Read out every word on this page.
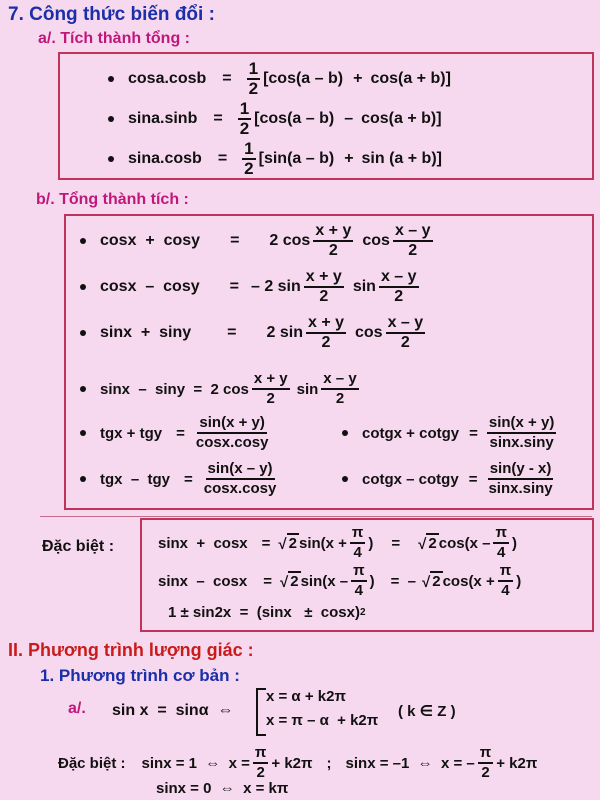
7. Công thức biến đổi :
a/. Tích thành tổng :
$\cos a.\cos b = \frac{1}{2} [\cos(a - b) + \cos(a + b)]$
$\sin a.\sin b = \frac{1}{2} [\cos(a - b) - \cos(a + b)]$
$\sin a.\cos b = \frac{1}{2} [\sin(a - b) + \sin (a + b)]$
b/. Tổng thành tích :
cosx  +  cosy = 2 $\cos \frac{x + y}{2}$ $\cos \frac{x - y}{2}$
cosx  –  cosy = – 2 $\sin \frac{x + y}{2}$ $\sin \frac{x - y}{2}$
sinx  +  siny = 2 $\sin \frac{x + y}{2}$ $\cos \frac{x - y}{2}$
sinx  –  siny  =  2 $\cos \frac{x + y}{2}$ $\sin \frac{x - y}{2}$
tgx + tgy = $\frac{\sin(x + y)}{\cos x.\cos y}$	cotgx + cotgy = $\frac{\sin(x + y)}{\sin x.\sin y}$
tgx  –  tgy = $\frac{\sin(x - y)}{\cos x.\cos y}$	cotgx – cotgy = $\frac{\sin(y - x)}{\sin x.\sin y}$
Đặc biệt :	sinx  +  cosx = √ 2 $\sin(x + \frac{\pi}{4}$ ) = √ 2 $\cos(x - \frac{\pi}{4}$ )
sinx  –  cosx = √ 2 $\sin(x - \frac{\pi}{4}$ ) =  – √ 2 $\cos(x + \frac{\pi}{4}$ )
1 ± sin2x  =  (sinx   ±  cosx) 2
II. Phương trình lượng giác :
1. Phương trình cơ bản :
a/. sin x  =  sinα  ⇔
x = α + k2π
x = π – α  + k2π
( k ∈ Z )
Đặc biệt : sinx = 1  ⇔  $x = \frac{\pi}{2} + k2\pi$ ; sinx = –1  ⇔  x = – $\frac{\pi}{2} + k2\pi$
sinx = 0  ⇔  x = kπ
